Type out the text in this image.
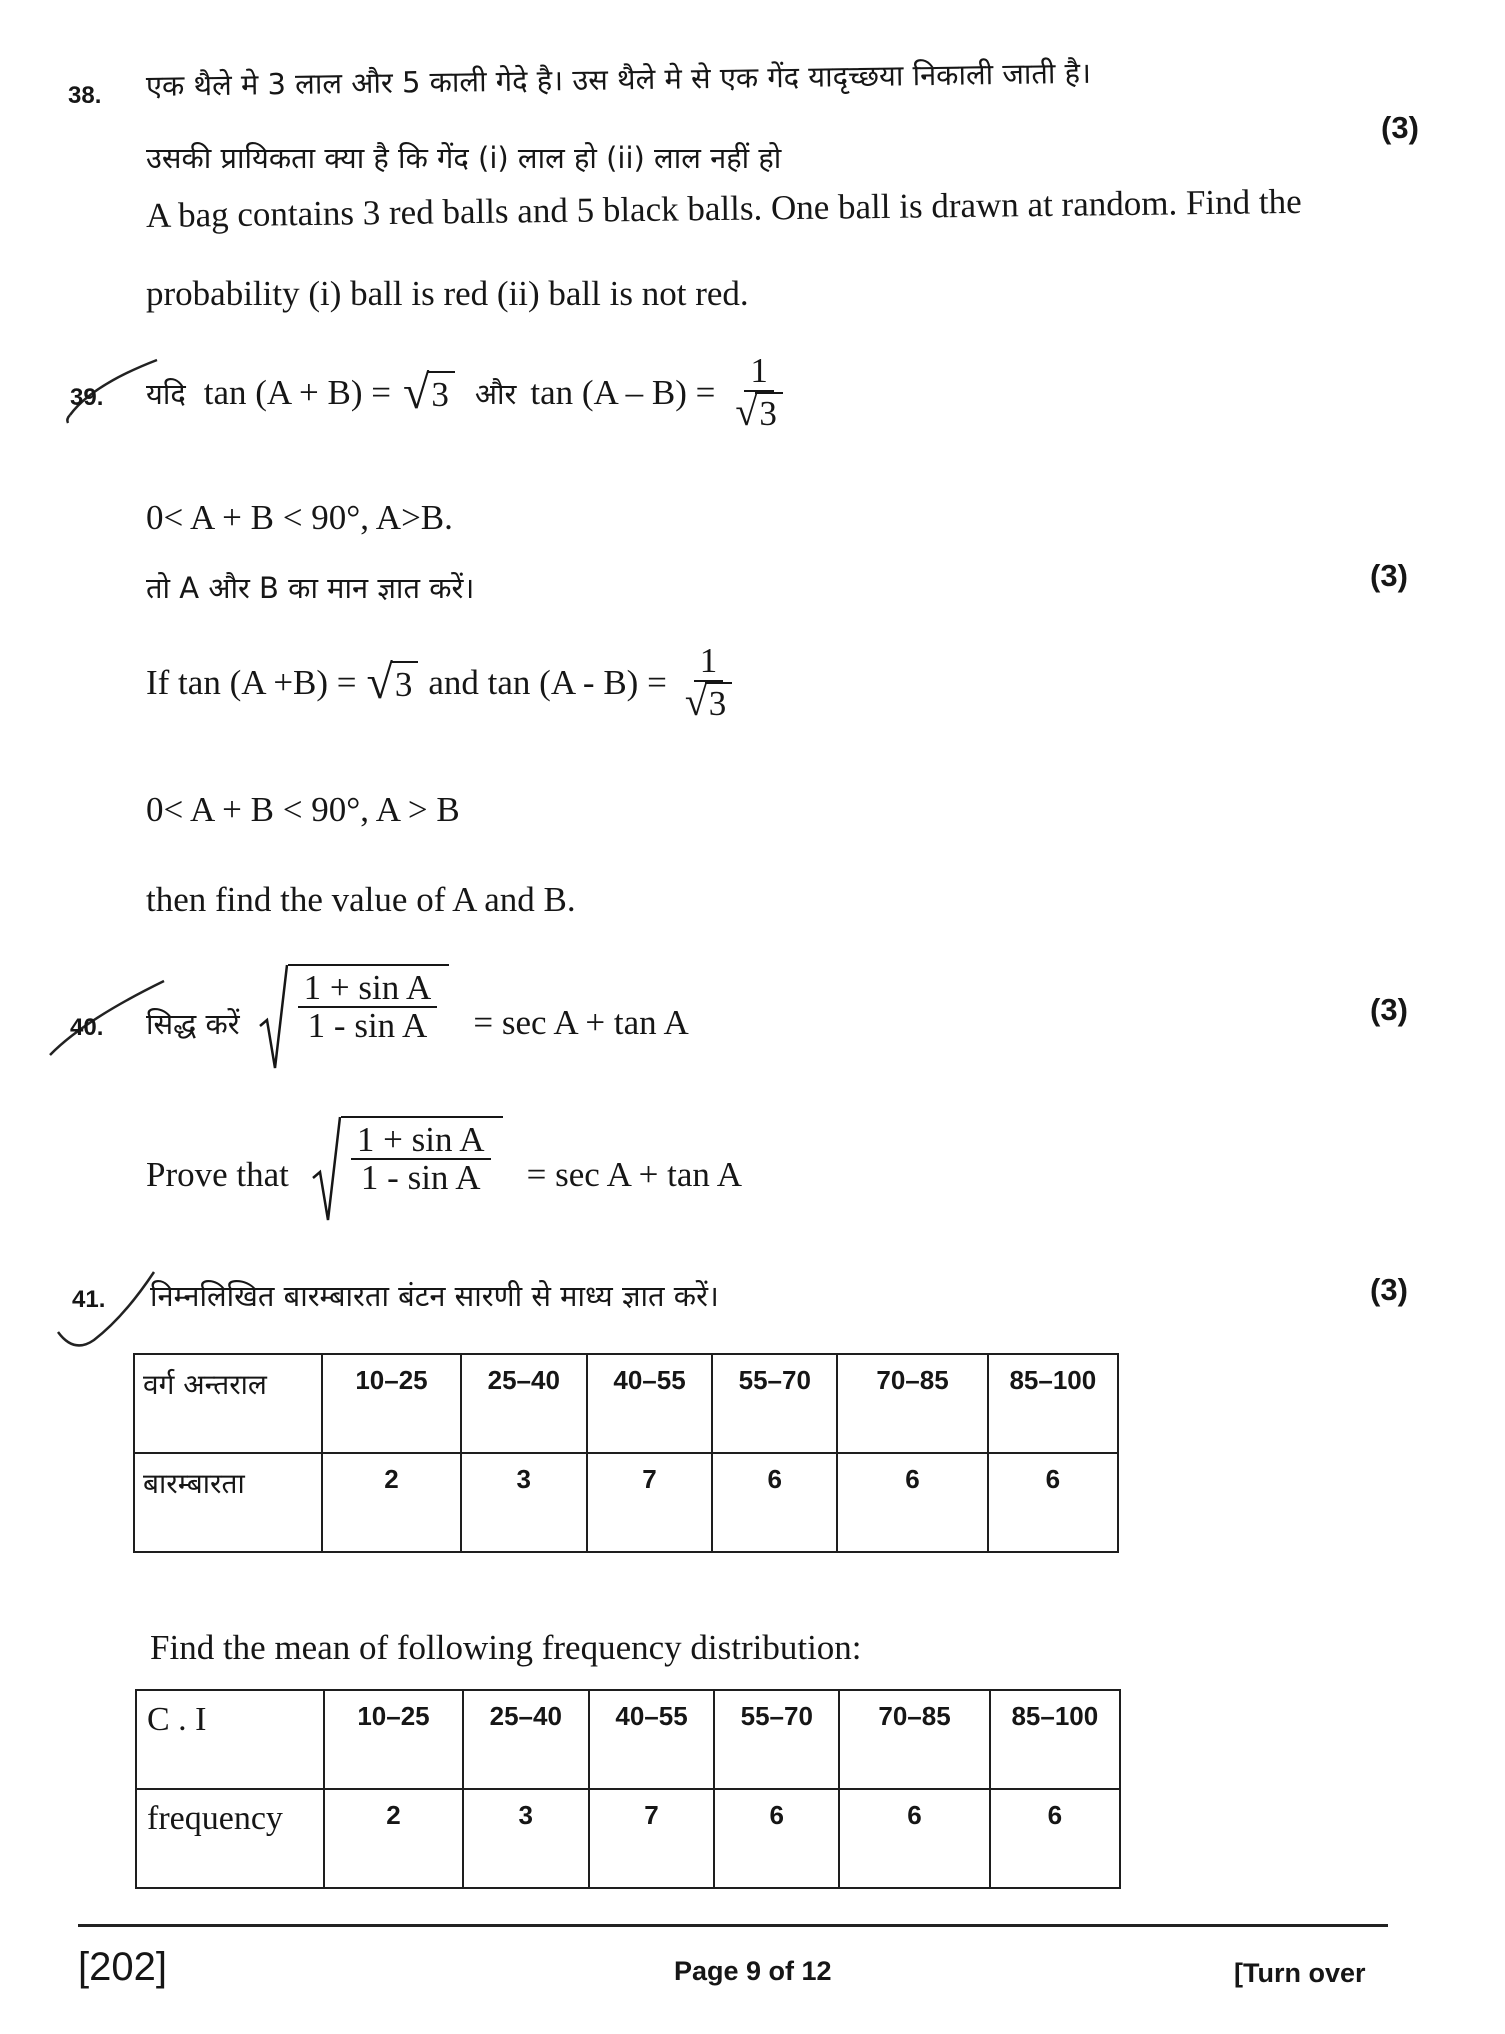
38. एक थैले मे 3 लाल और 5 काली गेदे है। उस थैले मे से एक गेंद यादृच्छया निकाली जाती है।
(3)
उसकी प्रायिकता क्या है कि गेंद (i) लाल हो (ii) लाल नहीं हो
A bag contains 3 red balls and 5 black balls. One ball is drawn at random. Find the
probability (i) ball is red (ii) ball is not red.
39. यदि tan (A + B) = √ 3 और $\tan (A - B) = \frac{1}{√ 3}$
0< A + B < 90°, A>B.
तो A और B का मान ज्ञात करें।	(3)
If tan (A +B) = √ 3 and $\tan (A - B) = \frac{1}{√ 3}$
0< A + B < 90°, A > B
then find the value of A and B.
40. सिद्ध करें $\frac{\text{1 + sin A}}{\text{1 - sin A}} = \sec A + \tan A$	(3)
Prove that $\frac{\text{1 + sin A}}{\text{1 - sin A}} = \sec A + \tan A$
41. निम्नलिखित बारम्बारता बंटन सारणी से माध्य ज्ञात करें।	(3)
वर्ग अन्तराल	10–25	25–40	40–55	55–70	70–85	85–100
बारम्बारता	2	3	7	6	6	6
Find the mean of following frequency distribution:
C . I	10–25	25–40	40–55	55–70	70–85	85–100
frequency	2	3	7	6	6	6
[202]	Page 9 of 12	[Turn over
